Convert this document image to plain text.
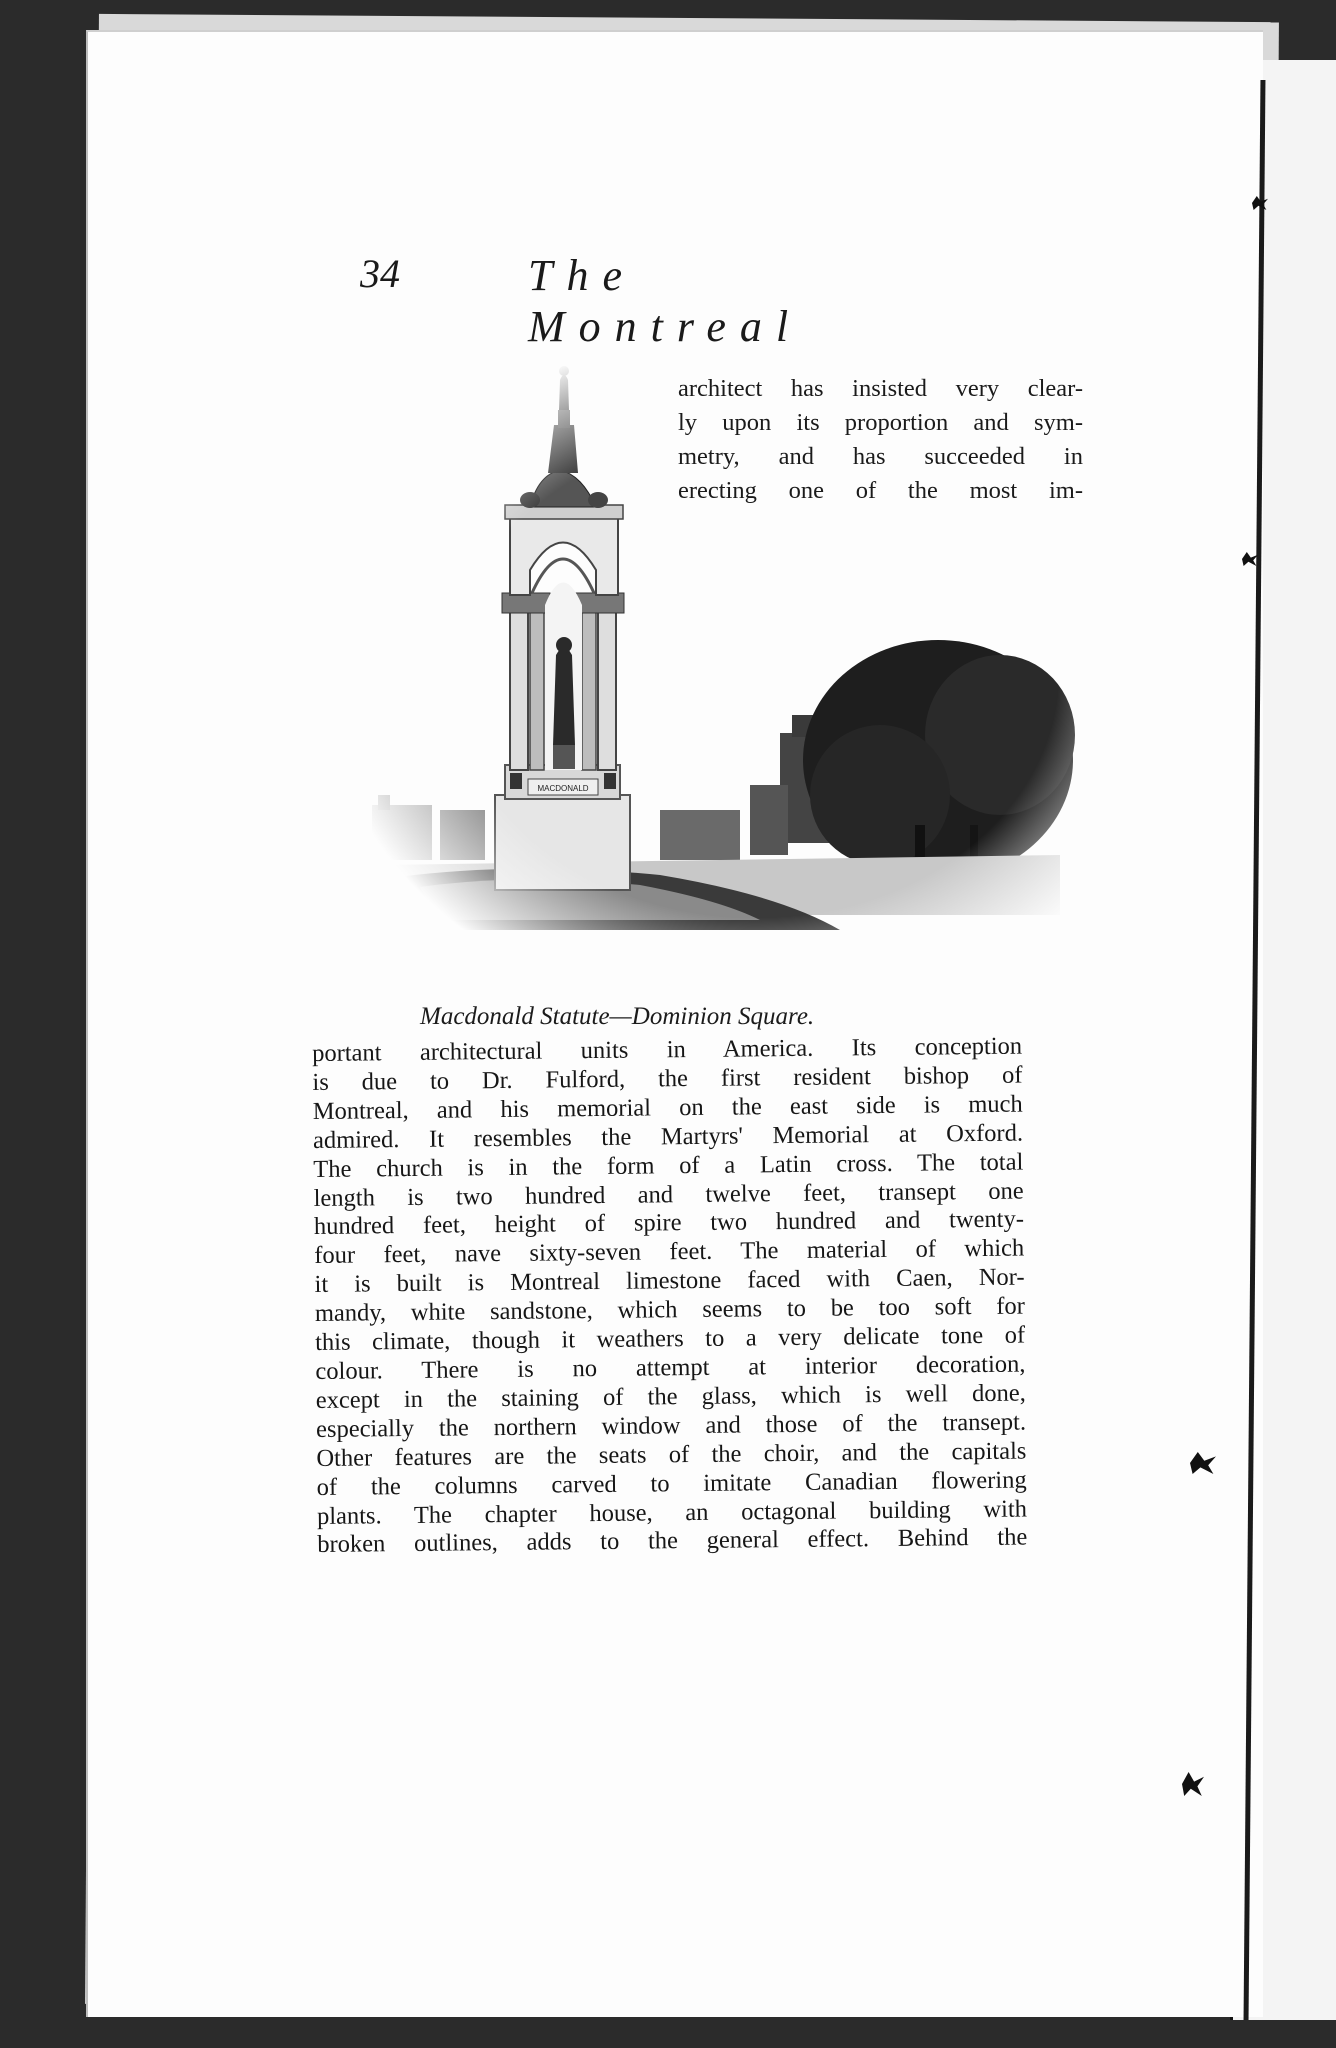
34	The Montreal
architect has insisted very clear-
ly upon its proportion and sym-
metry, and has succeeded in
erecting one of the most im-
Macdonald Statute—Dominion Square.
portant architectural units in America. Its conception
is due to Dr. Fulford, the first resident bishop of
Montreal, and his memorial on the east side is much
admired. It resembles the Martyrs' Memorial at Oxford.
The church is in the form of a Latin cross. The total
length is two hundred and twelve feet, transept one
hundred feet, height of spire two hundred and twenty-
four feet, nave sixty-seven feet. The material of which
it is built is Montreal limestone faced with Caen, Nor-
mandy, white sandstone, which seems to be too soft for
this climate, though it weathers to a very delicate tone of
colour. There is no attempt at interior decoration,
except in the staining of the glass, which is well done,
especially the northern window and those of the transept.
Other features are the seats of the choir, and the capitals
of the columns carved to imitate Canadian flowering
plants. The chapter house, an octagonal building with
broken outlines, adds to the general effect. Behind the
